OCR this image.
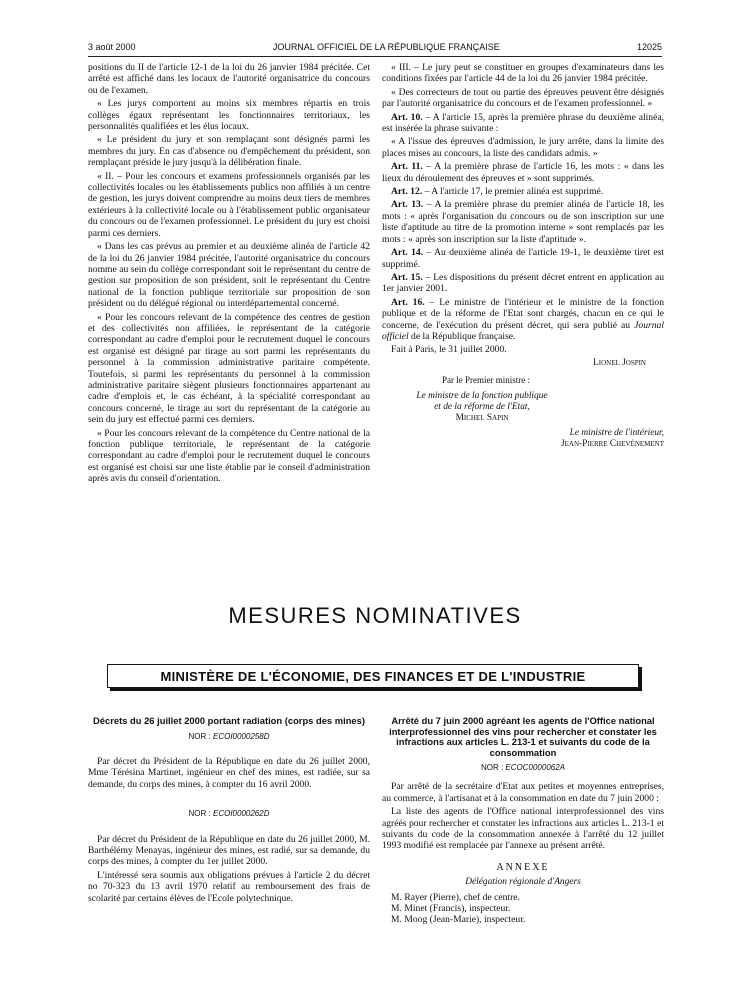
3 août 2000	JOURNAL OFFICIEL DE LA RÉPUBLIQUE FRANÇAISE	12025

positions du II de l'article 12-1 de la loi du 26 janvier 1984 précitée. Cet arrêté est affiché dans les locaux de l'autorité organisatrice du concours ou de l'examen.

« Les jurys comportent au moins six membres répartis en trois collèges égaux représentant les fonctionnaires territoriaux, les personnalités qualifiées et les élus locaux.

« Le président du jury et son remplaçant sont désignés parmi les membres du jury. En cas d'absence ou d'empêchement du président, son remplaçant préside le jury jusqu'à la délibération finale.

« II. – Pour les concours et examens professionnels organisés par les collectivités locales ou les établissements publics non affiliés à un centre de gestion, les jurys doivent comprendre au moins deux tiers de membres extérieurs à la collectivité locale ou à l'établissement public organisateur du concours ou de l'examen professionnel. Le président du jury est choisi parmi ces derniers.

« Dans les cas prévus au premier et au deuxième alinéa de l'article 42 de la loi du 26 janvier 1984 précitée, l'autorité organisatrice du concours nomme au sein du collège correspondant soit le représentant du centre de gestion sur proposition de son président, soit le représentant du Centre national de la fonction publique territoriale sur proposition de son président ou du délégué régional ou interdépartemental concerné.

« Pour les concours relevant de la compétence des centres de gestion et des collectivités non affiliées, le représentant de la catégorie correspondant au cadre d'emploi pour le recrutement duquel le concours est organisé est désigné par tirage au sort parmi les représentants du personnel à la commission administrative paritaire compétente. Toutefois, si parmi les représentants du personnel à la commission administrative paritaire siègent plusieurs fonctionnaires appartenant au cadre d'emplois et, le cas échéant, à la spécialité correspondant au concours concerné, le tirage au sort du représentant de la catégorie au sein du jury est effectué parmi ces derniers.

« Pour les concours relevant de la compétence du Centre national de la fonction publique territoriale, le représentant de la catégorie correspondant au cadre d'emploi pour le recrutement duquel le concours est organisé est choisi sur une liste établie par le conseil d'administration après avis du conseil d'orientation.

« III. – Le jury peut se constituer en groupes d'examinateurs dans les conditions fixées par l'article 44 de la loi du 26 janvier 1984 précitée.

« Des correcteurs de tout ou partie des épreuves peuvent être désignés par l'autorité organisatrice du concours et de l'examen professionnel. »

Art. 10. – A l'article 15, après la première phrase du deuxième alinéa, est insérée la phrase suivante :

« A l'issue des épreuves d'admission, le jury arrête, dans la limite des places mises au concours, la liste des candidats admis. »

Art. 11. – A la première phrase de l'article 16, les mots : « dans les lieux du déroulement des épreuves et » sont supprimés.

Art. 12. – A l'article 17, le premier alinéa est supprimé.

Art. 13. – A la première phrase du premier alinéa de l'article 18, les mots : « après l'organisation du concours ou de son inscription sur une liste d'aptitude au titre de la promotion interne » sont remplacés par les mots : « après son inscription sur la liste d'aptitude ».

Art. 14. – Au deuxième alinéa de l'article 19-1, le deuxième tiret est supprimé.

Art. 15. – Les dispositions du présent décret entrent en application au 1er janvier 2001.

Art. 16. – Le ministre de l'intérieur et le ministre de la fonction publique et de la réforme de l'Etat sont chargés, chacun en ce qui le concerne, de l'exécution du présent décret, qui sera publié au Journal officiel de la République française.

Fait à Paris, le 31 juillet 2000.

Lionel Jospin
Par le Premier ministre :
Le ministre de la fonction publique
et de la réforme de l'Etat,
Michel Sapin
Le ministre de l'intérieur,
Jean-Pierre Chevènement
MESURES NOMINATIVES
MINISTÈRE DE L'ÉCONOMIE, DES FINANCES ET DE L'INDUSTRIE
Décrets du 26 juillet 2000 portant radiation (corps des mines)
NOR : ECOI0000258D

Par décret du Président de la République en date du 26 juillet 2000, Mme Térésina Martinet, ingénieur en chef des mines, est radiée, sur sa demande, du corps des mines, à compter du 16 avril 2000.

NOR : ECOI0000262D

Par décret du Président de la République en date du 26 juillet 2000, M. Barthélémy Menayas, ingénieur des mines, est radié, sur sa demande, du corps des mines, à compter du 1er juillet 2000.

L'intéressé sera soumis aux obligations prévues à l'article 2 du décret no 70-323 du 13 avril 1970 relatif au remboursement des frais de scolarité par certains élèves de l'Ecole polytechnique.

Arrêté du 7 juin 2000 agréant les agents de l'Office national interprofessionnel des vins pour rechercher et constater les infractions aux articles L. 213-1 et suivants du code de la consommation
NOR : ECOC0000062A

Par arrêté de la secrétaire d'Etat aux petites et moyennes entreprises, au commerce, à l'artisanat et à la consommation en date du 7 juin 2000 :

La liste des agents de l'Office national interprofessionnel des vins agréés pour rechercher et constater les infractions aux articles L. 213-1 et suivants du code de la consommation annexée à l'arrêté du 12 juillet 1993 modifié est remplacée par l'annexe au présent arrêté.

ANNEXE
Délégation régionale d'Angers
M. Rayer (Pierre), chef de centre.
M. Minet (Francis), inspecteur.
M. Moog (Jean-Marie), inspecteur.
